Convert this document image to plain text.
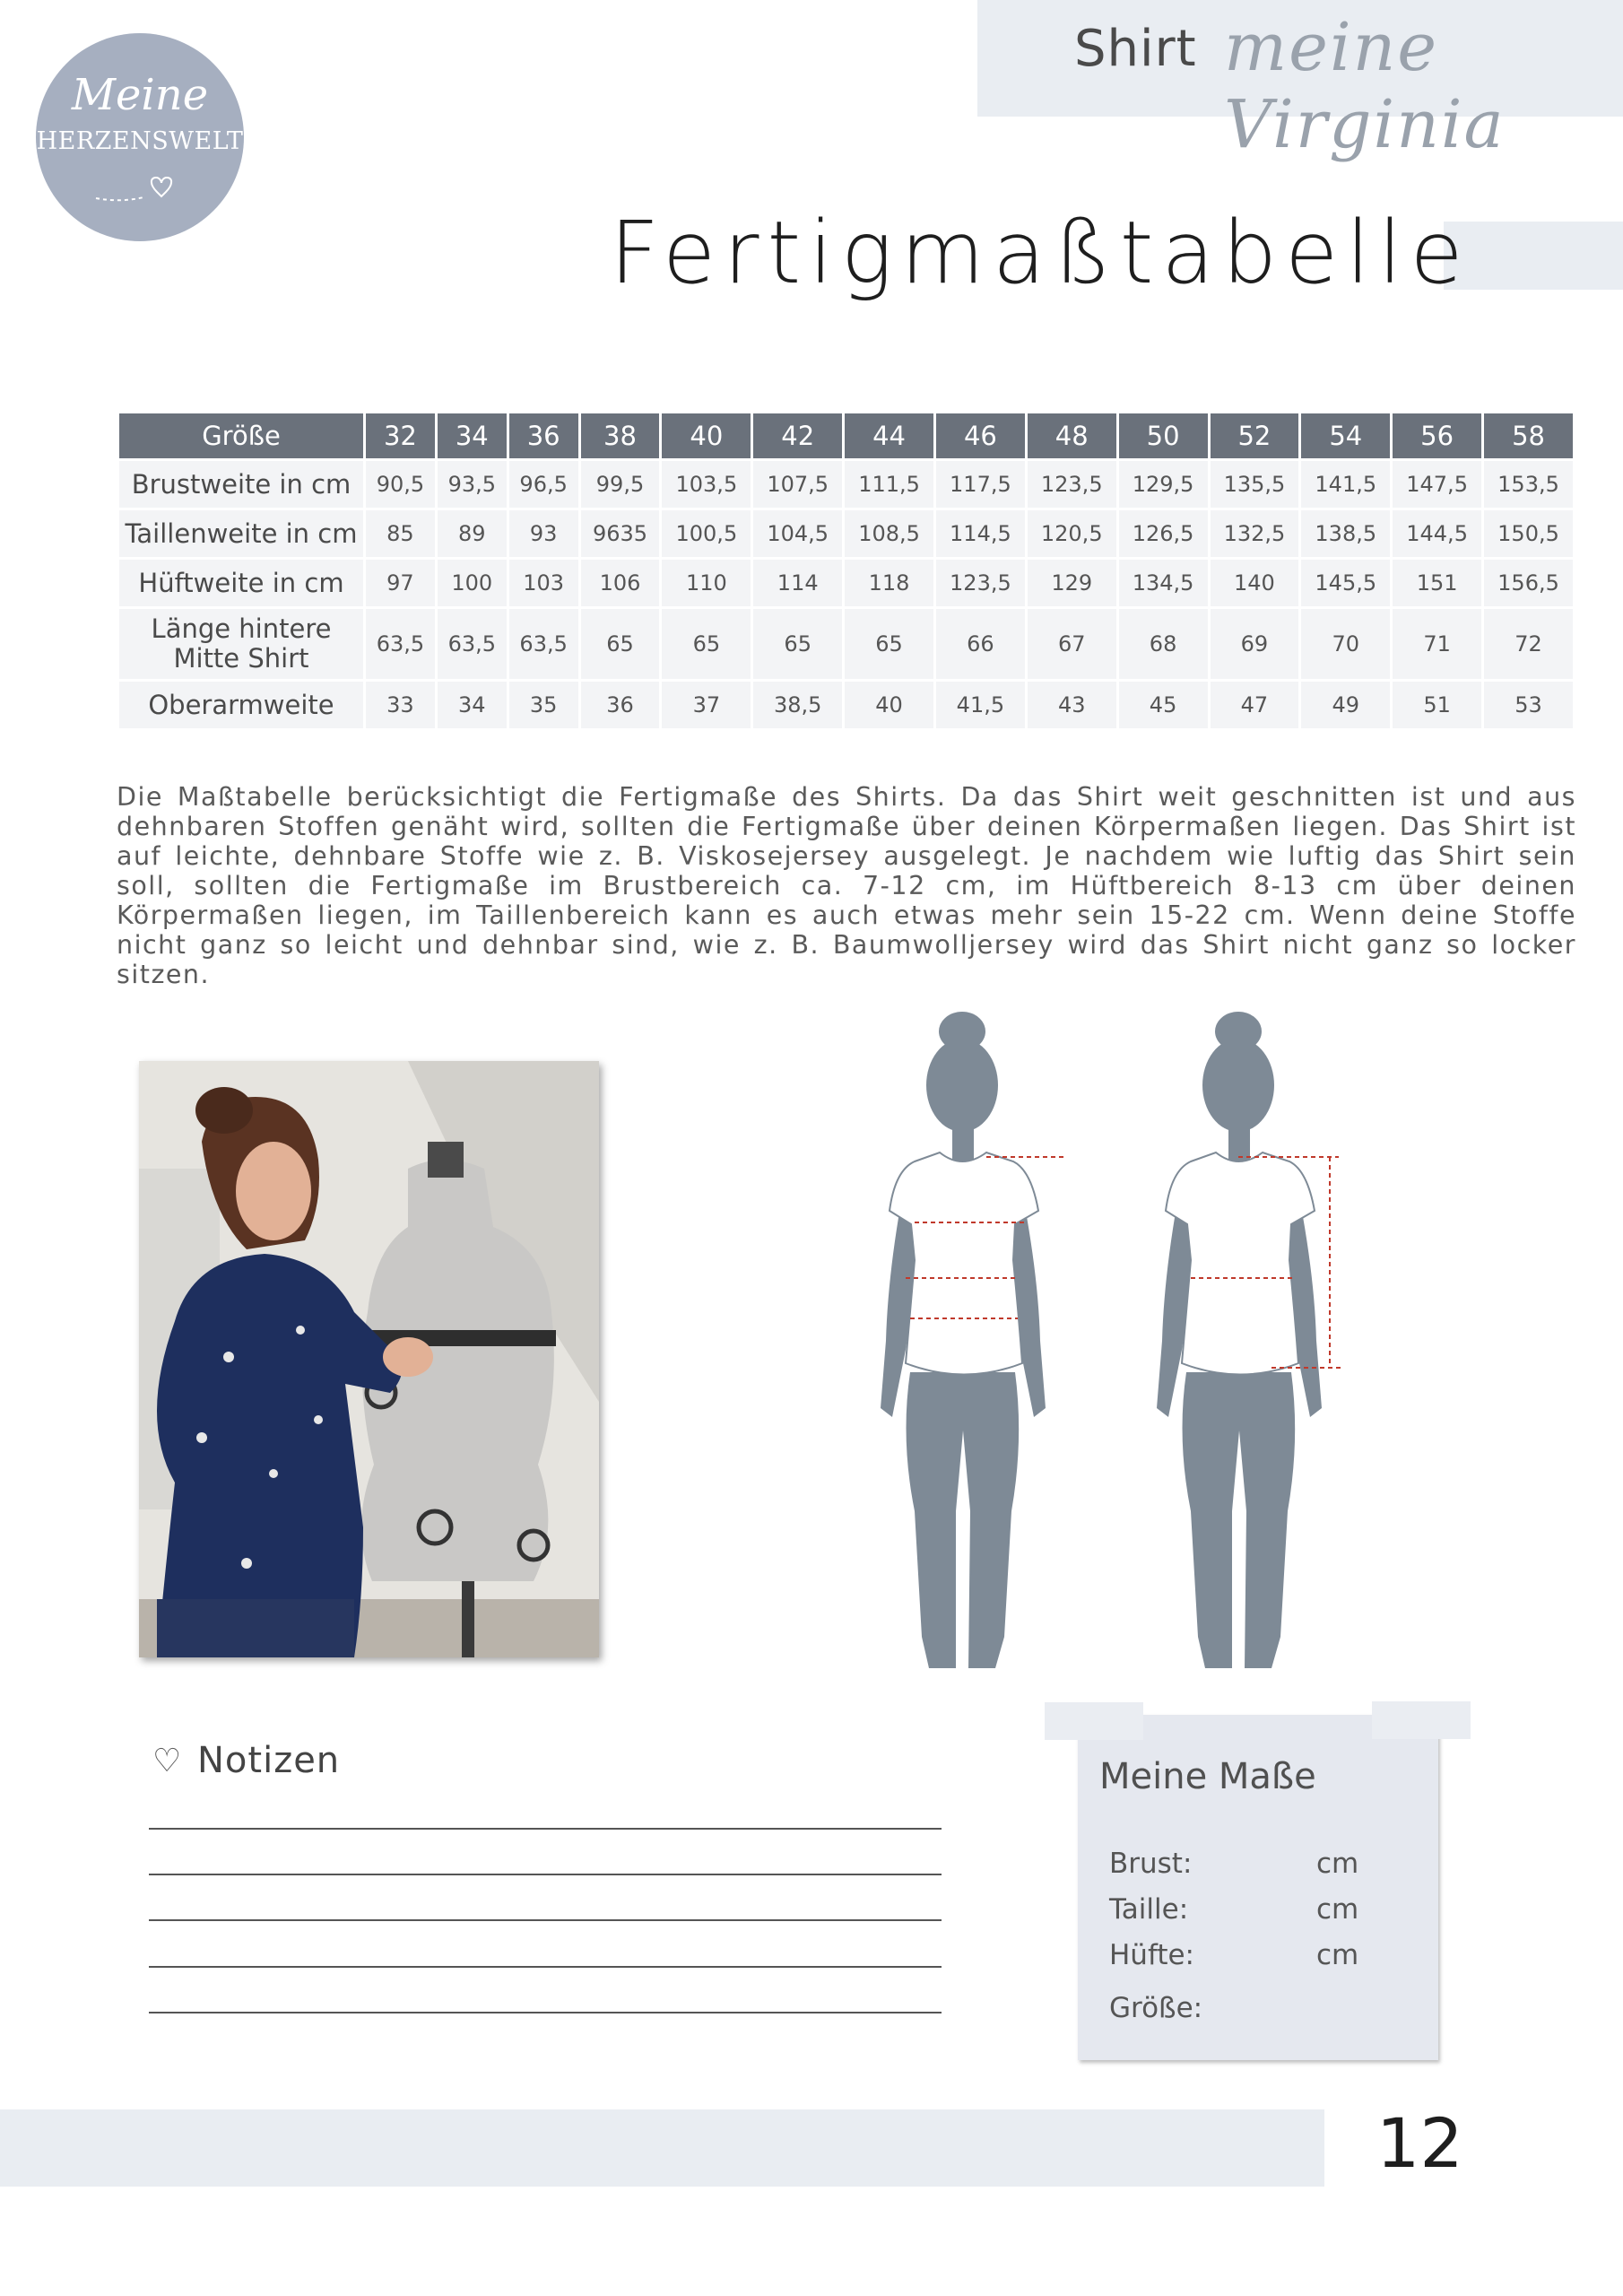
Shirt meine Virginia
Meine
HERZENSWELT
Fertigmaßtabelle
Größe	32	34	36	38	40	42	44	46	48	50	52	54	56	58
Brustweite in cm	90,5	93,5	96,5	99,5	103,5	107,5	111,5	117,5	123,5	129,5	135,5	141,5	147,5	153,5
Taillenweite in cm	85	89	93	9635	100,5	104,5	108,5	114,5	120,5	126,5	132,5	138,5	144,5	150,5
Hüftweite in cm	97	100	103	106	110	114	118	123,5	129	134,5	140	145,5	151	156,5
Länge hintere Mitte Shirt	63,5	63,5	63,5	65	65	65	65	66	67	68	69	70	71	72
Oberarmweite	33	34	35	36	37	38,5	40	41,5	43	45	47	49	51	53
Die Maßtabelle berücksichtigt die Fertigmaße des Shirts. Da das Shirt weit geschnitten ist und aus dehnbaren Stoffen genäht wird, sollten die Fertigmaße über deinen Körpermaßen liegen. Das Shirt ist auf leichte, dehnbare Stoffe wie z. B. Viskosejersey ausgelegt. Je nachdem wie luftig das Shirt sein soll, sollten die Fertigmaße im Brustbereich ca. 7-12 cm, im Hüftbereich 8-13 cm über deinen Körpermaßen liegen, im Taillenbereich kann es auch etwas mehr sein 15-22 cm. Wenn deine Stoffe nicht ganz so leicht und dehnbar sind, wie z. B. Baumwolljersey wird das Shirt nicht ganz so locker sitzen.
♡ Notizen	Meine Maße
Brust:	cm
Taille:	cm
Hüfte:	cm
Größe:
12
